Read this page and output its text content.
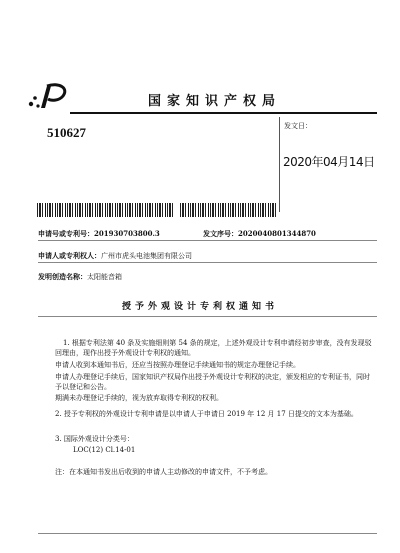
国家知识产权局
510627	发文日：
2020年04月14日
申请号或专利号：201930703800.3	发文序号：2020040801344870
申请人或专利权人：广州市虎头电池集团有限公司
发明创造名称：太阳能音箱
授予外观设计专利权通知书
1. 根据专利法第 40 条及实施细则第 54 条的规定，上述外观设计专利申请经初步审查，没有发现驳回理由，现作出授予外观设计专利权的通知。
申请人收到本通知书后，还应当按照办理登记手续通知书的规定办理登记手续。
申请人办理登记手续后，国家知识产权局作出授予外观设计专利权的决定，颁发相应的专利证书，同时予以登记和公告。
期满未办理登记手续的，视为放弃取得专利权的权利。
2. 授予专利权的外观设计专利申请是以申请人于申请日 2019 年 12 月 17 日提交的文本为基础。
3. 国际外观设计分类号：
LOC(12) Cl.14-01
注：在本通知书发出后收到的申请人主动修改的申请文件，不予考虑。
